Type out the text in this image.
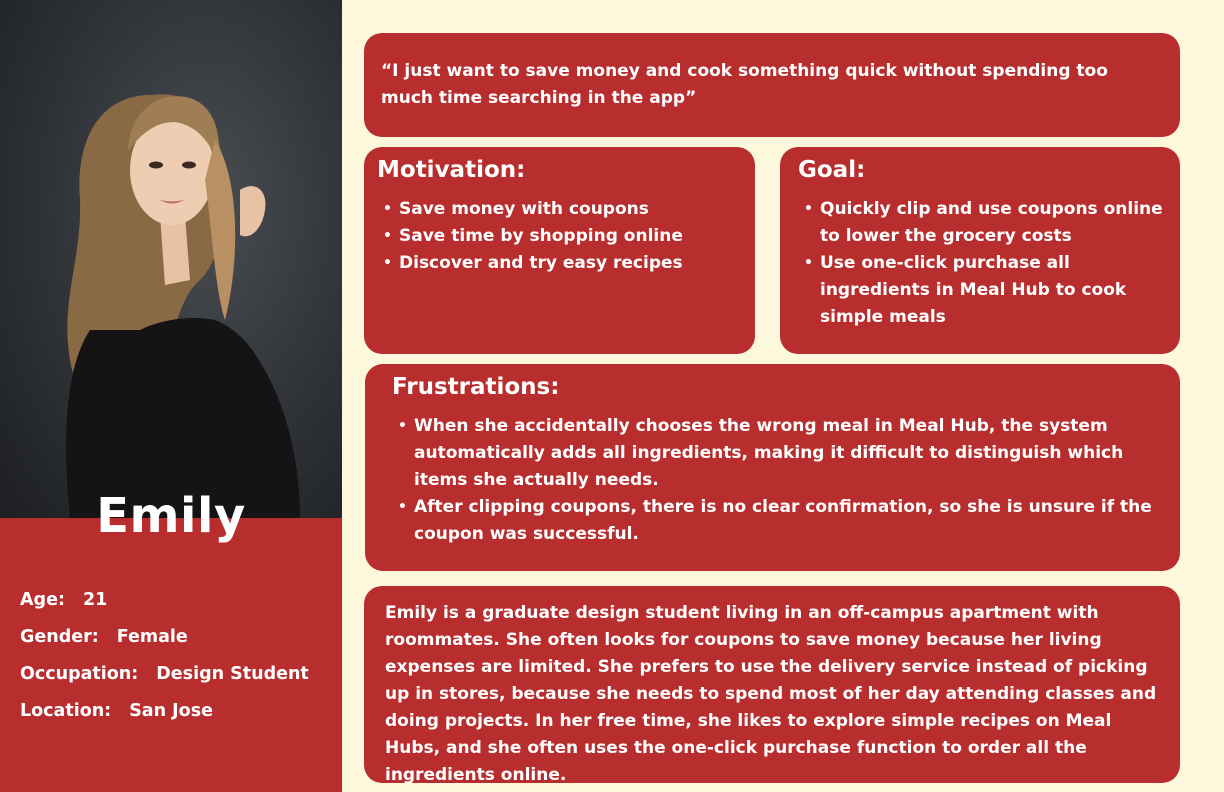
Emily
Age: 21
Gender: Female
Occupation: Design Student
Location: San Jose

“I just want to save money and cook something quick without spending too much time searching in the app”

Motivation:
• Save money with coupons
• Save time by shopping online
• Discover and try easy recipes
Goal:
• Quickly clip and use coupons online to lower the grocery costs
• Use one-click purchase all ingredients in Meal Hub to cook simple meals
Frustrations:
• When she accidentally chooses the wrong meal in Meal Hub, the system automatically adds all ingredients, making it difficult to distinguish which items she actually needs.
• After clipping coupons, there is no clear confirmation, so she is unsure if the coupon was successful.

Emily is a graduate design student living in an off-campus apartment with roommates. She often looks for coupons to save money because her living expenses are limited. She prefers to use the delivery service instead of picking up in stores, because she needs to spend most of her day attending classes and doing projects. In her free time, she likes to explore simple recipes on Meal Hubs, and she often uses the one-click purchase function to order all the ingredients online.
